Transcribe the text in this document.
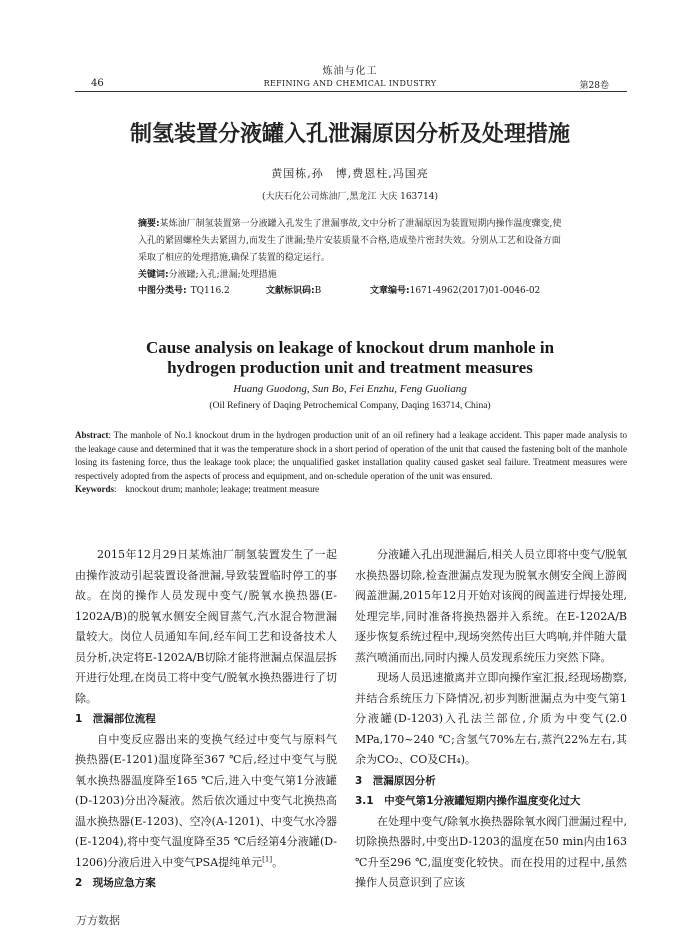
炼油与化工
REFINING AND CHEMICAL INDUSTRY
46	第28卷
制氢装置分液罐入孔泄漏原因分析及处理措施
黄国栋,孙　博,费恩柱,冯国亮
(大庆石化公司炼油厂,黑龙江 大庆 163714)
摘要:某炼油厂制氢装置第一分液罐入孔发生了泄漏事故,文中分析了泄漏原因为装置短期内操作温度骤变,使入孔的紧固螺栓失去紧固力,而发生了泄漏;垫片安装质量不合格,造成垫片密封失效。分别从工艺和设备方面采取了相应的处理措施,确保了装置的稳定运行。
关键词:分液罐;入孔;泄漏;处理措施
中图分类号: TQ116.2	文献标识码:B	文章编号:1671-4962(2017)01-0046-02
Cause analysis on leakage of knockout drum manhole in
hydrogen production unit and treatment measures
Huang Guodong, Sun Bo, Fei Enzhu, Feng Guoliang
(Oil Refinery of Daqing Petrochemical Company, Daqing 163714, China)
Abstract: The manhole of No.1 knockout drum in the hydrogen production unit of an oil refinery had a leakage accident. This paper made analysis to the leakage cause and determined that it was the temperature shock in a short period of operation of the unit that caused the fastening bolt of the manhole losing its fastening force, thus the leakage took place; the unqualified gasket installation quality caused gasket seal failure. Treatment measures were respectively adopted from the aspects of process and equipment, and on-schedule operation of the unit was ensured.
Keywords:　knockout drum; manhole; leakage; treatment measure

2015年12月29日某炼油厂制氢装置发生了一起由操作波动引起装置设备泄漏,导致装置临时停工的事故。在岗的操作人员发现中变气/脱氧水换热器(E-1202A/B)的脱氧水侧安全阀冒蒸气,汽水混合物泄漏量较大。岗位人员通知车间,经车间工艺和设备技术人员分析,决定将E-1202A/B切除才能将泄漏点保温层拆开进行处理,在岗员工将中变气/脱氧水换热器进行了切除。

1　泄漏部位流程

自中变反应器出来的变换气经过中变气与原料气换热器(E-1201)温度降至367 ℃后,经过中变气与脱氧水换热器温度降至165 ℃后,进入中变气第1分液罐(D-1203)分出冷凝液。然后依次通过中变气北换热高温水换热器(E-1203)、空冷(A-1201)、中变气水冷器(E-1204),将中变气温度降至35 ℃后经第4分液罐(D-1206)分液后进入中变气PSA提纯单元[1]。

2　现场应急方案

分液罐入孔出现泄漏后,相关人员立即将中变气/脱氧水换热器切除,检查泄漏点发现为脱氧水侧安全阀上游阀阀盖泄漏,2015年12月开始对该阀的阀盖进行焊接处理,处理完毕,同时准备将换热器并入系统。在E-1202A/B逐步恢复系统过程中,现场突然传出巨大鸣响,并伴随大量蒸汽喷涌而出,同时内操人员发现系统压力突然下降。

现场人员迅速撤离并立即向操作室汇报,经现场勘察,并结合系统压力下降情况,初步判断泄漏点为中变气第1分液罐(D-1203)入孔法兰部位,介质为中变气(2.0 MPa,170~240 ℃;含氢气70%左右,蒸汽22%左右,其余为CO₂、CO及CH₄)。

3　泄漏原因分析
3.1　中变气第1分液罐短期内操作温度变化过大

在处理中变气/除氧水换热器除氧水阀门泄漏过程中,切除换热器时,中变出D-1203的温度在50 min内由163 ℃升至296 ℃,温度变化较快。而在投用的过程中,虽然操作人员意识到了应该

万方数据
